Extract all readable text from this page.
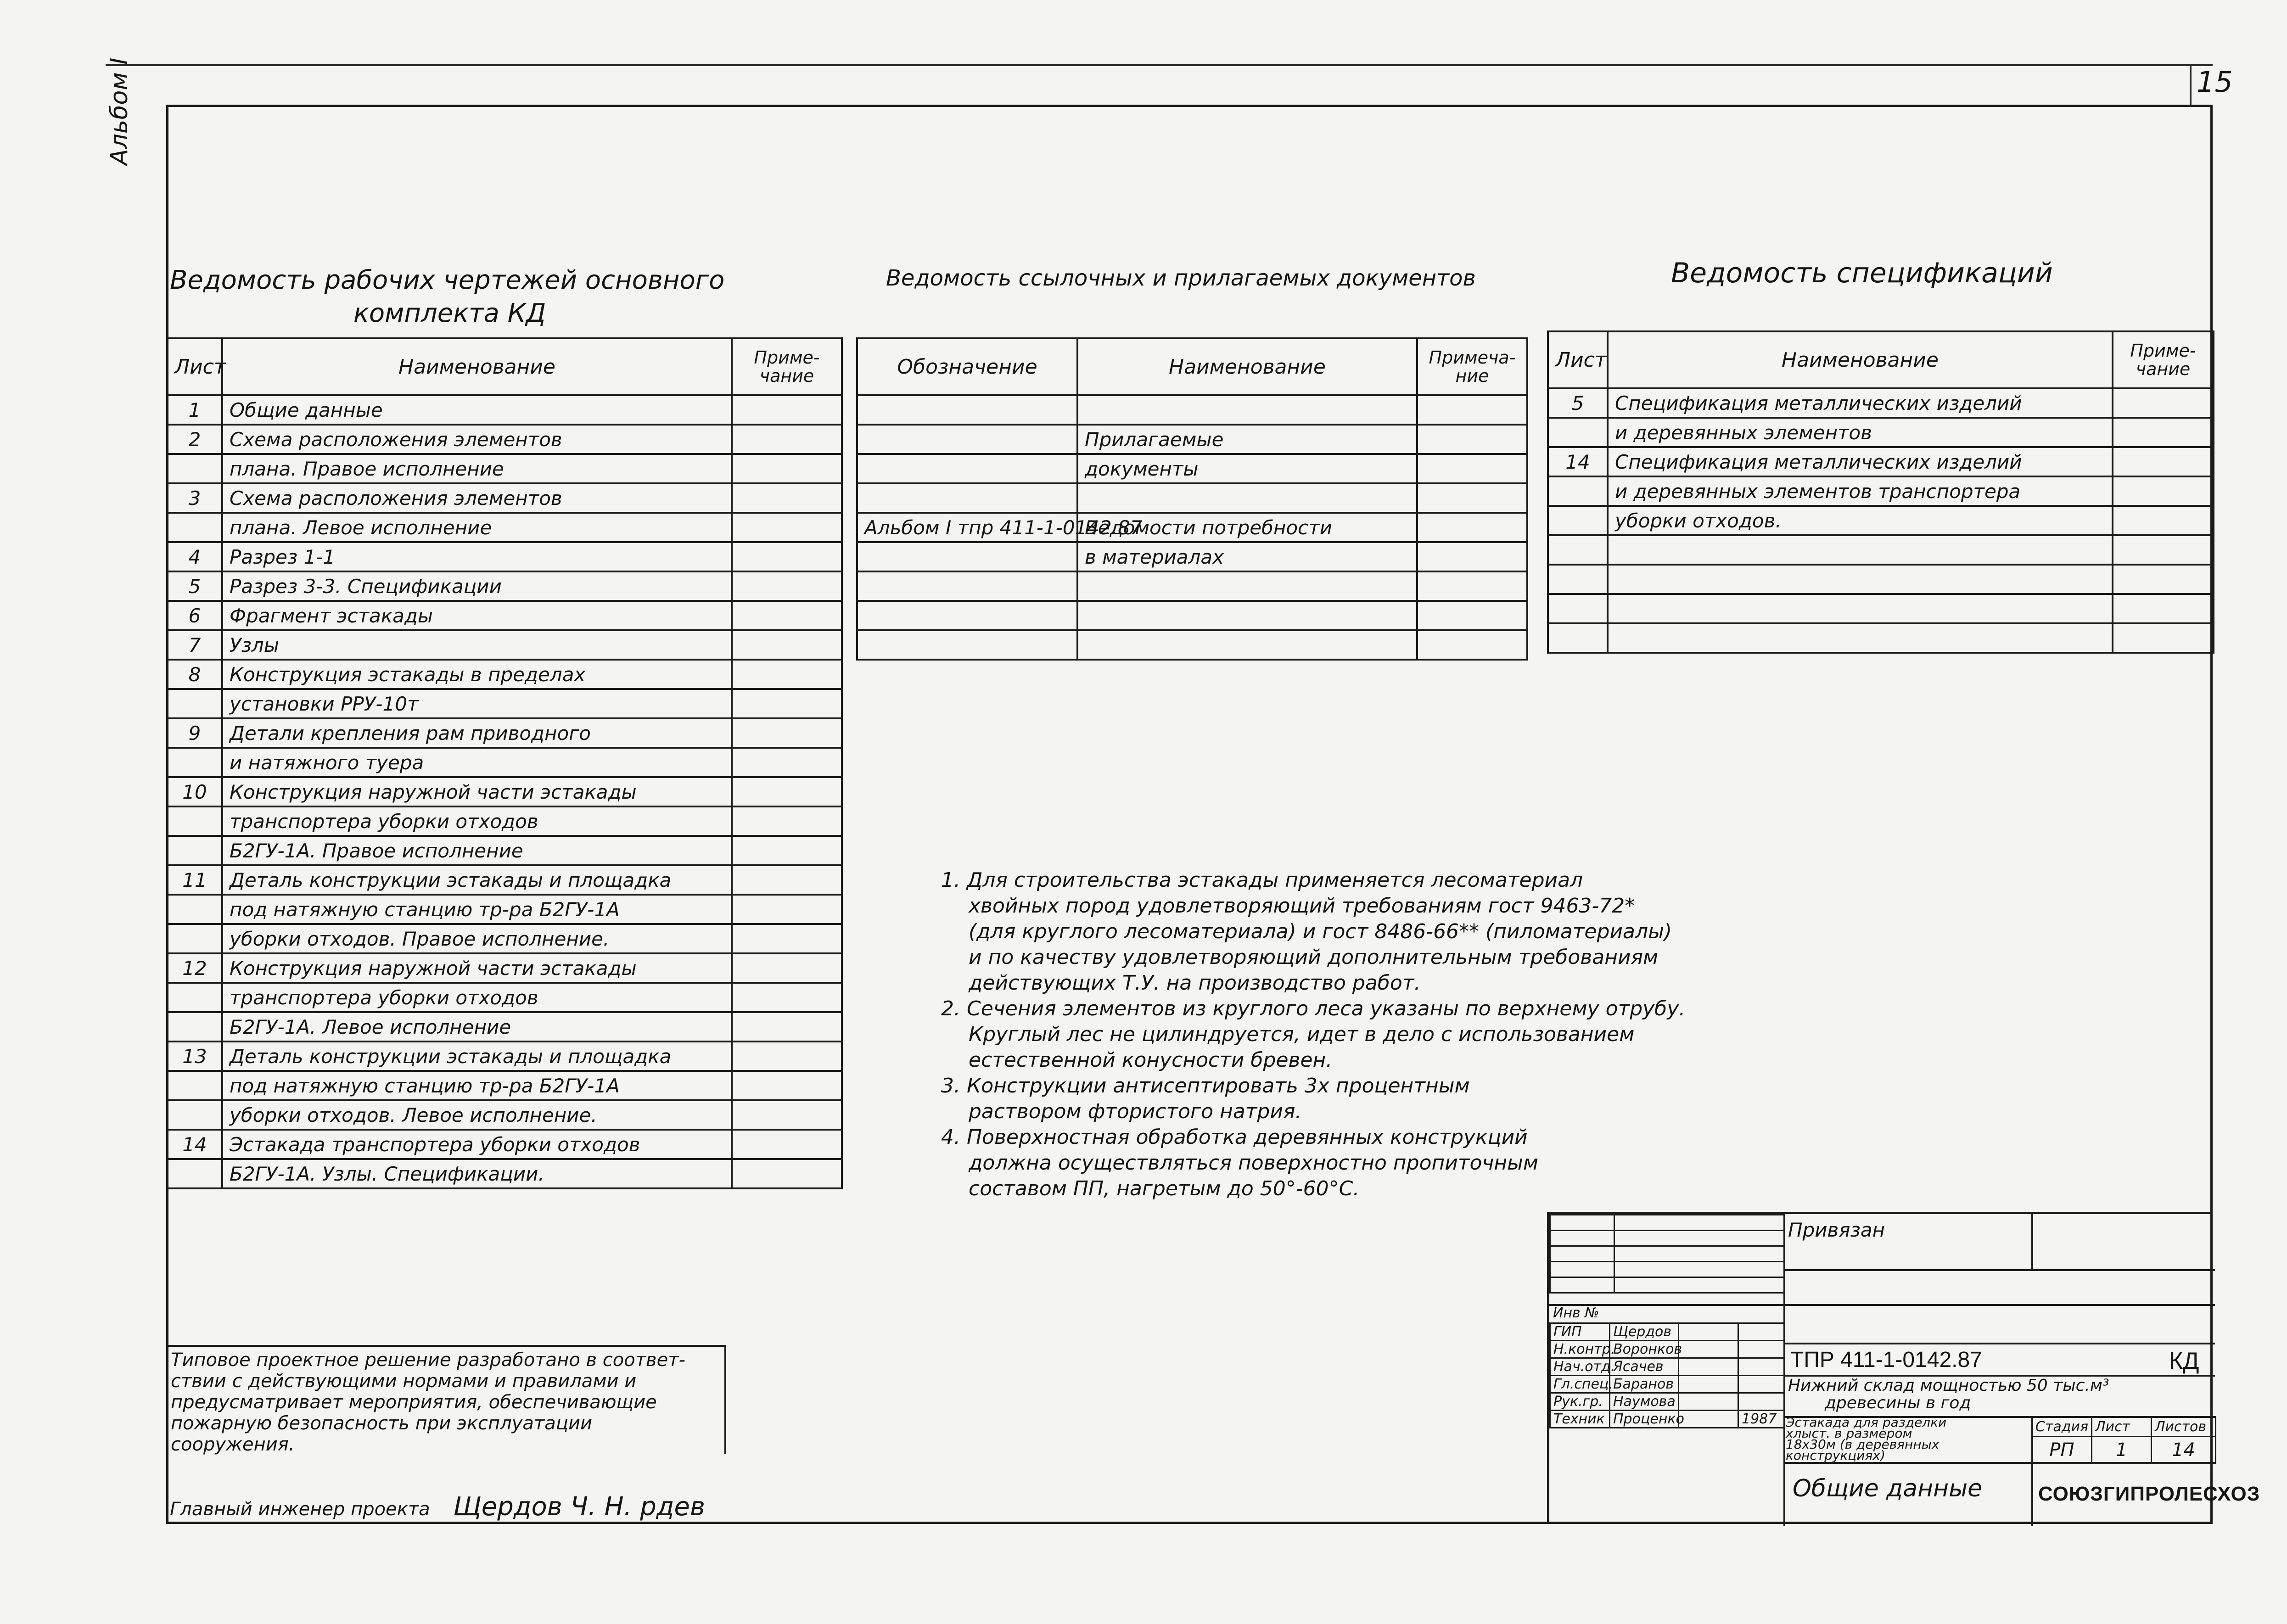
15
Альбом I
Ведомость рабочих чертежей основного
комплекта КД
Лист	Наименование	Приме- чание
1	Общие данные	
2	Схема расположения элементов	
	плана. Правое исполнение	
3	Схема расположения элементов	
	плана. Левое исполнение	
4	Разрез 1-1	
5	Разрез 3-3. Спецификации	
6	Фрагмент эстакады	
7	Узлы	
8	Конструкция эстакады в пределах	
	установки РРУ-10т	
9	Детали крепления рам приводного	
	и натяжного туера	
10	Конструкция наружной части эстакады	
	транспортера уборки отходов	
	Б2ГУ-1А. Правое исполнение	
11	Деталь конструкции эстакады и площадка	
	под натяжную станцию тр-ра Б2ГУ-1А	
	уборки отходов. Правое исполнение.	
12	Конструкция наружной части эстакады	
	транспортера уборки отходов	
	Б2ГУ-1А. Левое исполнение	
13	Деталь конструкции эстакады и площадка	
	под натяжную станцию тр-ра Б2ГУ-1А	
	уборки отходов. Левое исполнение.	
14	Эстакада транспортера уборки отходов	
	Б2ГУ-1А. Узлы. Спецификации.	
Ведомость ссылочных и прилагаемых документов
Обозначение	Наименование	Примеча- ние

	Прилагаемые	
	документы	

Альбом I тпр 411-1-0142.87	Ведомости потребности	
	в материалах	

Ведомость спецификаций
Лист	Наименование	Приме- чание
5	Спецификация металлических изделий	
	и деревянных элементов	
14	Спецификация металлических изделий	
	и деревянных элементов транспортера	
	уборки отходов.	

1. Для строительства эстакады применяется лесоматериал
хвойных пород удовлетворяющий требованиям гост 9463-72*
(для круглого лесоматериала) и гост 8486-66** (пиломатериалы)
и по качеству удовлетворяющий дополнительным требованиям
действующих Т.У. на производство работ.
2. Сечения элементов из круглого леса указаны по верхнему отрубу.
Круглый лес не цилиндруется, идет в дело с использованием
естественной конусности бревен.
3. Конструкции антисептировать 3х процентным
раствором фтористого натрия.
4. Поверхностная обработка деревянных конструкций
должна осуществляться поверхностно пропиточным
составом ПП, нагретым до 50°-60°С.
Типовое проектное решение разработано в соответ-
ствии с действующими нормами и правилами и
предусматривает мероприятия, обеспечивающие
пожарную безопасность при эксплуатации
сооружения.
Главный инженер проекта Щердов Ч. Н. рдев

Привязан
Инв №
ГИП	Щердов		
Н.контр.	Воронков		
Нач.отд.	Ясачев		
Гл.спец.	Баранов		
Рук.гр.	Наумова		
Техник	Проценко		1987
ТПР 411-1-0142.87	КД
Нижний склад мощностью 50 тыс.м³
древесины в год
Эстакада для разделки
хлыст. в размером
18х30м (в деревянных
конструкциях)
Стадия	Лист	Листов
РП	1	14
Общие данные	СОЮЗГИПРОЛЕСХОЗ
